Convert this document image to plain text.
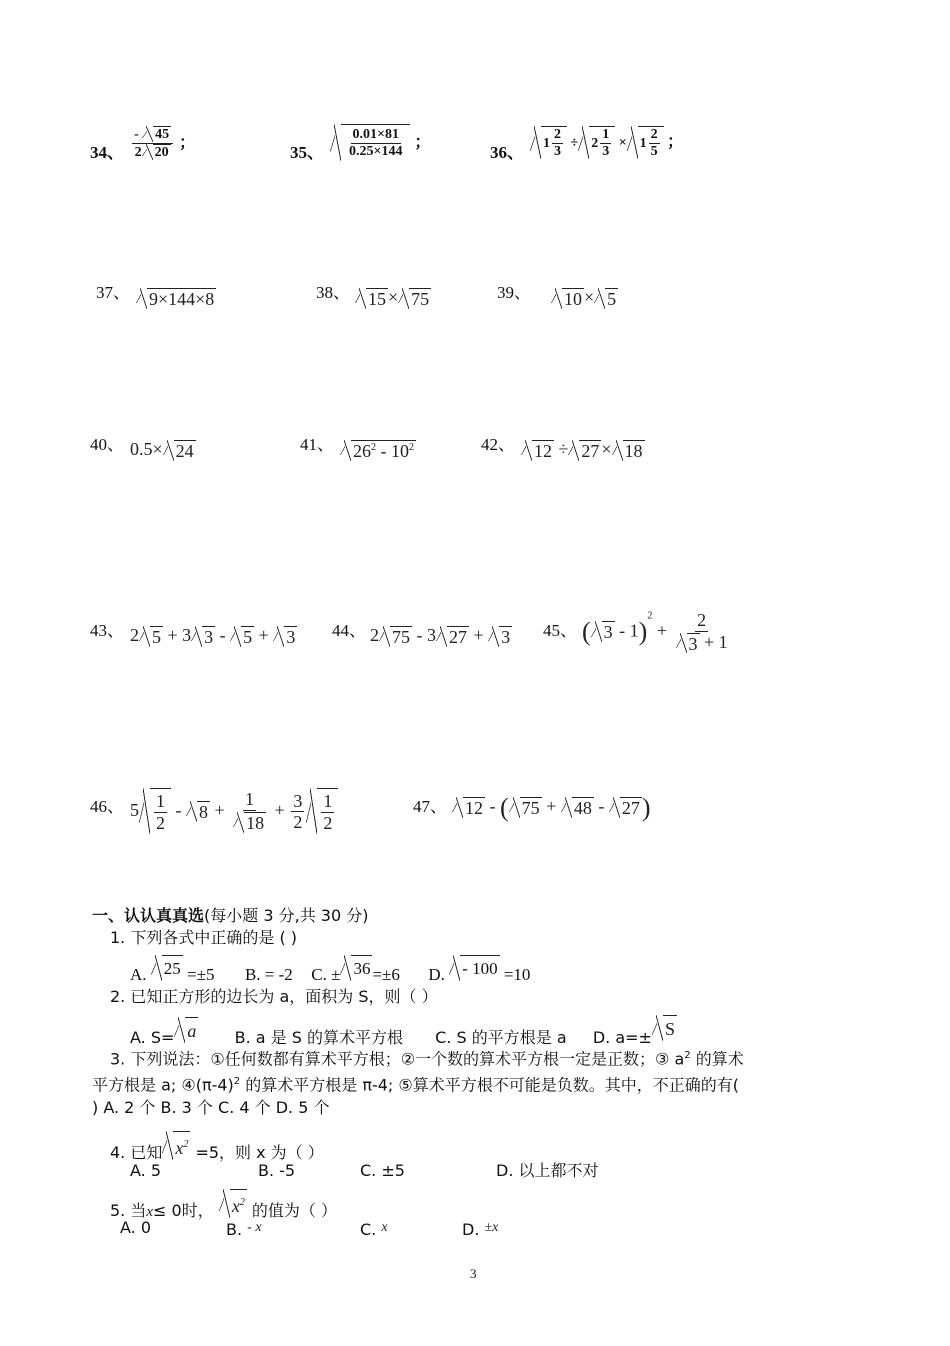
34、 $\frac{- 45}{2 20}$ ；
35、 $\frac{0.01\times 81}{0.25\times 144}$ ；
36、	$1 \frac{2}{3} \div 2 \frac{1}{3} \times 1 \frac{2}{5}$ ；
37、	9×144×8	38、	15 × 75	39、	10 × 5
40、 0.5× 24	41、	$26^2 - 10^2$	42、	12 ÷ 27 × 18
43、 2 5 + 3 3 - 5 + 3 44、 2 75 - 3 27 + 3 45、 ( $3 - 1)^2 + \frac{2}{3 + 1}$
46、 $5 \frac{1}{2} - 8 + \frac{1}{18} + \frac{3}{2} \frac{1}{2}$	47、	12 - ( 75 + 48 - 27)
一、认认真真选(每小题 3 分,共 30 分)
1. 下列各式中正确的是 ( )
A. 25 =±5 B. = -2 C. ± 36 =±6 D. - 100 =10
2. 已知正方形的边长为 a，面积为 S，则（ ）
A. S= a B. a 是 S 的算术平方根 C. S 的平方根是 a D. a=± S
3. 下列说法：①任何数都有算术平方根；②一个数的算术平方根一定是正数；③ $a^2$ 的算术
平方根是 a; $④(\pi-4)^2$ 的算术平方根是 π-4; ⑤算术平方根不可能是负数。其中，不正确的有(
) A. 2 个 B. 3 个 C. 4 个 D. 5 个
4. 已知 $x^2 =5$，则 x 为（ ）
A. 5	B. -5	C. ±5	D. 以上都不对
5. 当x≤ 0时， $x^2$ 的值为（ ）
A. 0	B. - x	C. x	D. ±x
3
